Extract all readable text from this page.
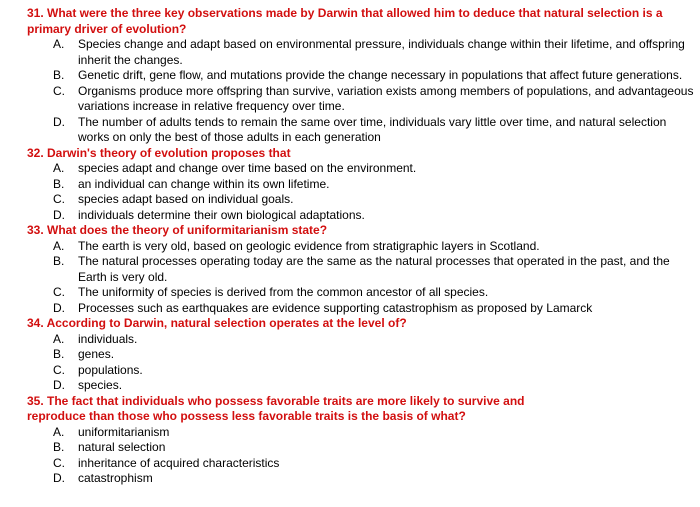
31. What were the three key observations made by Darwin that allowed him to deduce that natural selection is a primary driver of evolution?
A.	Species change and adapt based on environmental pressure, individuals change within their lifetime, and offspring inherit the changes.
B.	Genetic drift, gene flow, and mutations provide the change necessary in populations that affect future generations.
C.	Organisms produce more offspring than survive, variation exists among members of populations, and advantageous variations increase in relative frequency over time.
D.	The number of adults tends to remain the same over time, individuals vary little over time, and natural selection works on only the best of those adults in each generation
32. Darwin's theory of evolution proposes that
A.	species adapt and change over time based on the environment.
B.	an individual can change within its own lifetime.
C.	species adapt based on individual goals.
D.	individuals determine their own biological adaptations.
33. What does the theory of uniformitarianism state?
A.	The earth is very old, based on geologic evidence from stratigraphic layers in Scotland.
B.	The natural processes operating today are the same as the natural processes that operated in the past, and the Earth is very old.
C.	The uniformity of species is derived from the common ancestor of all species.
D.	Processes such as earthquakes are evidence supporting catastrophism as proposed by Lamarck
34. According to Darwin, natural selection operates at the level of?
A.	individuals.
B.	genes.
C.	populations.
D.	species.
35. The fact that individuals who possess favorable traits are more likely to survive and reproduce than those who possess less favorable traits is the basis of what?
A.	uniformitarianism
B.	natural selection
C.	inheritance of acquired characteristics
D.	catastrophism
